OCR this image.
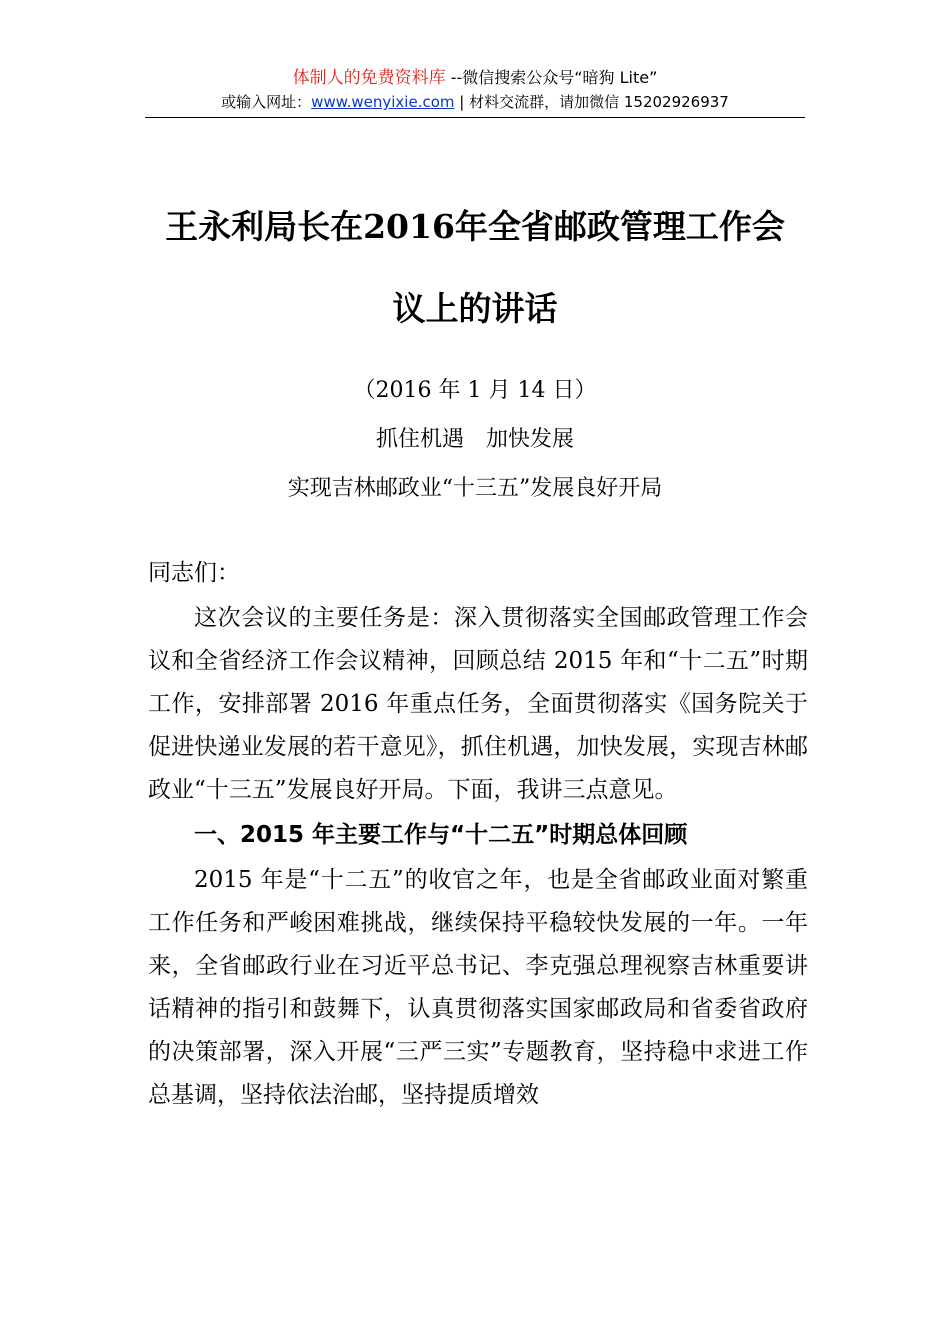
体制人的免费资料库 --微信搜索公众号“暗狗 Lite”
或输入网址：www.wenyixie.com | 材料交流群，请加微信 15202926937
王永利局长在2016年全省邮政管理工作会
议上的讲话
（2016 年 1 月 14 日）
抓住机遇　加快发展
实现吉林邮政业“十三五”发展良好开局
同志们：

这次会议的主要任务是：深入贯彻落实全国邮政管理工作会议和全省经济工作会议精神，回顾总结 2015 年和“十二五”时期工作，安排部署 2016 年重点任务，全面贯彻落实《国务院关于促进快递业发展的若干意见》，抓住机遇，加快发展，实现吉林邮政业“十三五”发展良好开局。下面，我讲三点意见。

一、2015 年主要工作与“十二五”时期总体回顾

2015 年是“十二五”的收官之年，也是全省邮政业面对繁重工作任务和严峻困难挑战，继续保持平稳较快发展的一年。一年来，全省邮政行业在习近平总书记、李克强总理视察吉林重要讲话精神的指引和鼓舞下，认真贯彻落实国家邮政局和省委省政府的决策部署，深入开展“三严三实”专题教育，坚持稳中求进工作总基调，坚持依法治邮，坚持提质增效
